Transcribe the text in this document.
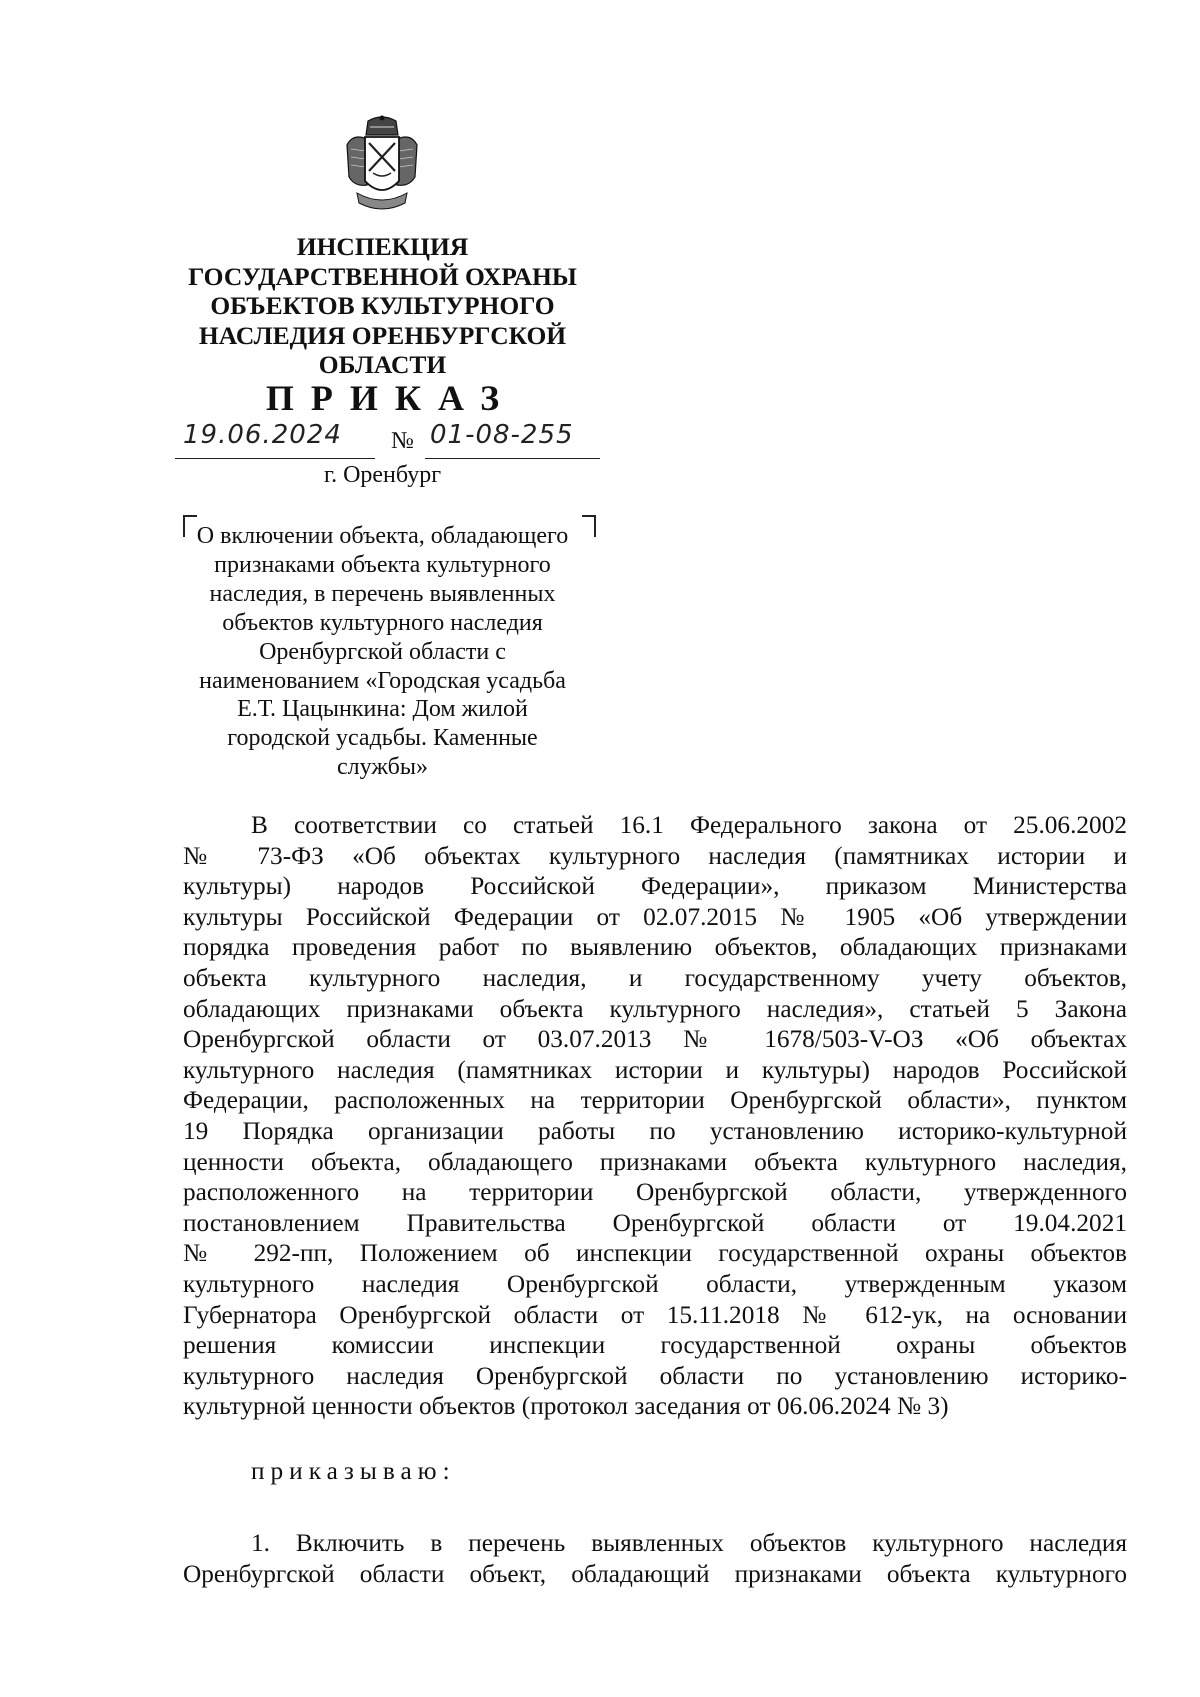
ИНСПЕКЦИЯ
ГОСУДАРСТВЕННОЙ ОХРАНЫ
ОБЪЕКТОВ КУЛЬТУРНОГО
НАСЛЕДИЯ ОРЕНБУРГСКОЙ
ОБЛАСТИ
ПРИКАЗ
19.06.2024 № 01-08-255
г. Оренбург
О включении объекта, обладающего
признаками объекта культурного
наследия, в перечень выявленных
объектов культурного наследия
Оренбургской области с
наименованием «Городская усадьба
Е.Т. Цацынкина: Дом жилой
городской усадьбы. Каменные
службы»
В соответствии со статьей 16.1 Федерального закона от 25.06.2002
№ 73-ФЗ «Об объектах культурного наследия (памятниках истории и
культуры) народов Российской Федерации», приказом Министерства
культуры Российской Федерации от 02.07.2015 № 1905 «Об утверждении
порядка проведения работ по выявлению объектов, обладающих признаками
объекта культурного наследия, и государственному учету объектов,
обладающих признаками объекта культурного наследия», статьей 5 Закона
Оренбургской области от 03.07.2013 № 1678/503-V-ОЗ «Об объектах
культурного наследия (памятниках истории и культуры) народов Российской
Федерации, расположенных на территории Оренбургской области», пунктом
19 Порядка организации работы по установлению историко-культурной
ценности объекта, обладающего признаками объекта культурного наследия,
расположенного на территории Оренбургской области, утвержденного
постановлением Правительства Оренбургской области от 19.04.2021
№ 292-пп, Положением об инспекции государственной охраны объектов
культурного наследия Оренбургской области, утвержденным указом
Губернатора Оренбургской области от 15.11.2018 № 612-ук, на основании
решения комиссии инспекции государственной охраны объектов
культурного наследия Оренбургской области по установлению историко-
культурной ценности объектов (протокол заседания от 06.06.2024 № 3)
приказываю:
1. Включить в перечень выявленных объектов культурного наследия
Оренбургской области объект, обладающий признаками объекта культурного
